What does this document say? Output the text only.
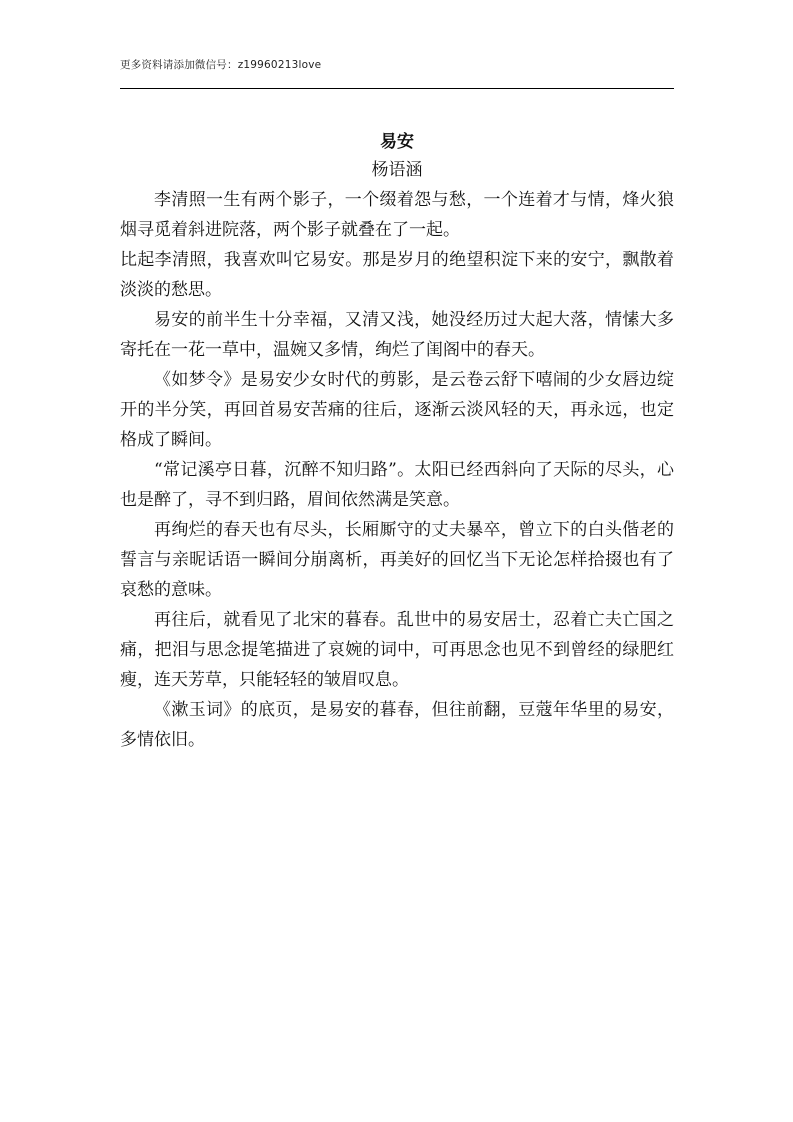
更多资料请添加微信号：z19960213love

易安

杨语涵

李清照一生有两个影子，一个缀着怨与愁，一个连着才与情，烽火狼烟寻觅着斜进院落，两个影子就叠在了一起。

比起李清照，我喜欢叫它易安。那是岁月的绝望积淀下来的安宁，飘散着淡淡的愁思。

易安的前半生十分幸福，又清又浅，她没经历过大起大落，情愫大多寄托在一花一草中，温婉又多情，绚烂了闺阁中的春天。

《如梦令》是易安少女时代的剪影，是云卷云舒下嘻闹的少女唇边绽开的半分笑，再回首易安苦痛的往后，逐渐云淡风轻的天，再永远，也定格成了瞬间。

“常记溪亭日暮，沉醉不知归路”。太阳已经西斜向了天际的尽头，心也是醉了，寻不到归路，眉间依然满是笑意。

再绚烂的春天也有尽头，长厢厮守的丈夫暴卒，曾立下的白头偕老的誓言与亲昵话语一瞬间分崩离析，再美好的回忆当下无论怎样拾掇也有了哀愁的意味。

再往后，就看见了北宋的暮春。乱世中的易安居士，忍着亡夫亡国之痛，把泪与思念提笔描进了哀婉的词中，可再思念也见不到曾经的绿肥红瘦，连天芳草，只能轻轻的皱眉叹息。

《漱玉词》的底页，是易安的暮春，但往前翻，豆蔻年华里的易安，多情依旧。
